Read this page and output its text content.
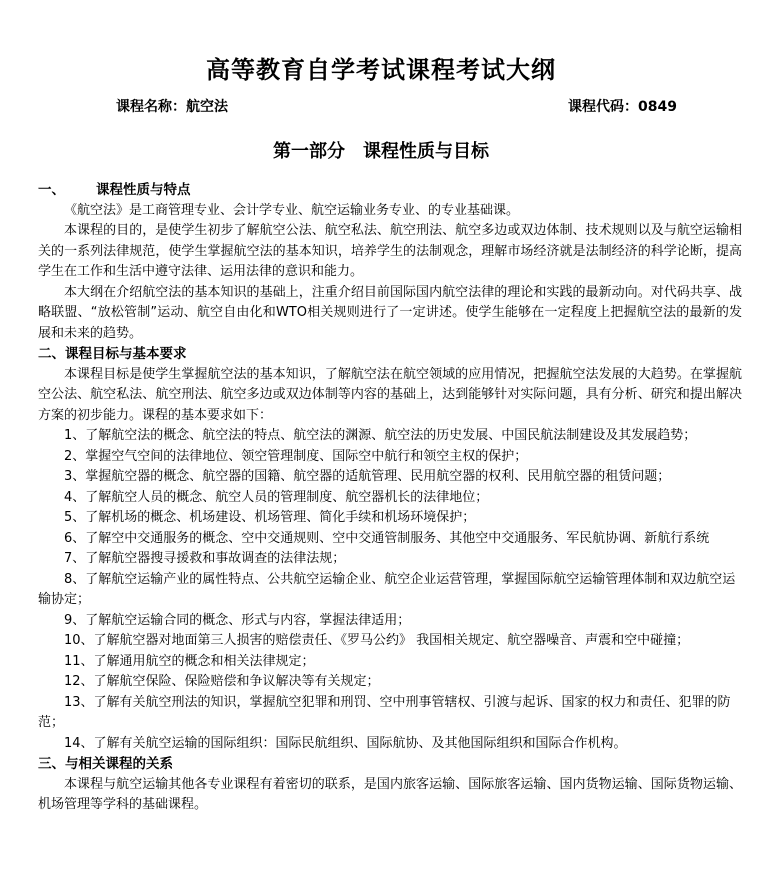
高等教育自学考试课程考试大纲
课程名称：航空法	课程代码：0849
第一部分　课程性质与目标
一、 课程性质与特点

《航空法》是工商管理专业、会计学专业、航空运输业务专业、的专业基础课。

本课程的目的，是使学生初步了解航空公法、航空私法、航空刑法、航空多边或双边体制、技术规则以及与航空运输相关的一系列法律规范，使学生掌握航空法的基本知识，培养学生的法制观念，理解市场经济就是法制经济的科学论断，提高学生在工作和生活中遵守法律、运用法律的意识和能力。

本大纲在介绍航空法的基本知识的基础上，注重介绍目前国际国内航空法律的理论和实践的最新动向。对代码共享、战略联盟、“放松管制”运动、航空自由化和WTO相关规则进行了一定讲述。使学生能够在一定程度上把握航空法的最新的发展和未来的趋势。

二、课程目标与基本要求

本课程目标是使学生掌握航空法的基本知识，了解航空法在航空领域的应用情况，把握航空法发展的大趋势。在掌握航空公法、航空私法、航空刑法、航空多边或双边体制等内容的基础上，达到能够针对实际问题，具有分析、研究和提出解决方案的初步能力。课程的基本要求如下：

1、了解航空法的概念、航空法的特点、航空法的渊源、航空法的历史发展、中国民航法制建设及其发展趋势；

2、掌握空气空间的法律地位、领空管理制度、国际空中航行和领空主权的保护；

3、掌握航空器的概念、航空器的国籍、航空器的适航管理、民用航空器的权利、民用航空器的租赁问题；

4、了解航空人员的概念、航空人员的管理制度、航空器机长的法律地位；

5、了解机场的概念、机场建设、机场管理、简化手续和机场环境保护；

6、了解空中交通服务的概念、空中交通规则、空中交通管制服务、其他空中交通服务、军民航协调、新航行系统

7、了解航空器搜寻援救和事故调查的法律法规；

8、了解航空运输产业的属性特点、公共航空运输企业、航空企业运营管理，掌握国际航空运输管理体制和双边航空运输协定；

9、了解航空运输合同的概念、形式与内容，掌握法律适用；

10、了解航空器对地面第三人损害的赔偿责任、《罗马公约》 我国相关规定、航空器噪音、声震和空中碰撞；

11、了解通用航空的概念和相关法律规定；

12、了解航空保险、保险赔偿和争议解决等有关规定；

13、了解有关航空刑法的知识，掌握航空犯罪和刑罚、空中刑事管辖权、引渡与起诉、国家的权力和责任、犯罪的防范；

14、了解有关航空运输的国际组织：国际民航组织、国际航协、及其他国际组织和国际合作机构。

三、与相关课程的关系

本课程与航空运输其他各专业课程有着密切的联系，是国内旅客运输、国际旅客运输、国内货物运输、国际货物运输、机场管理等学科的基础课程。
